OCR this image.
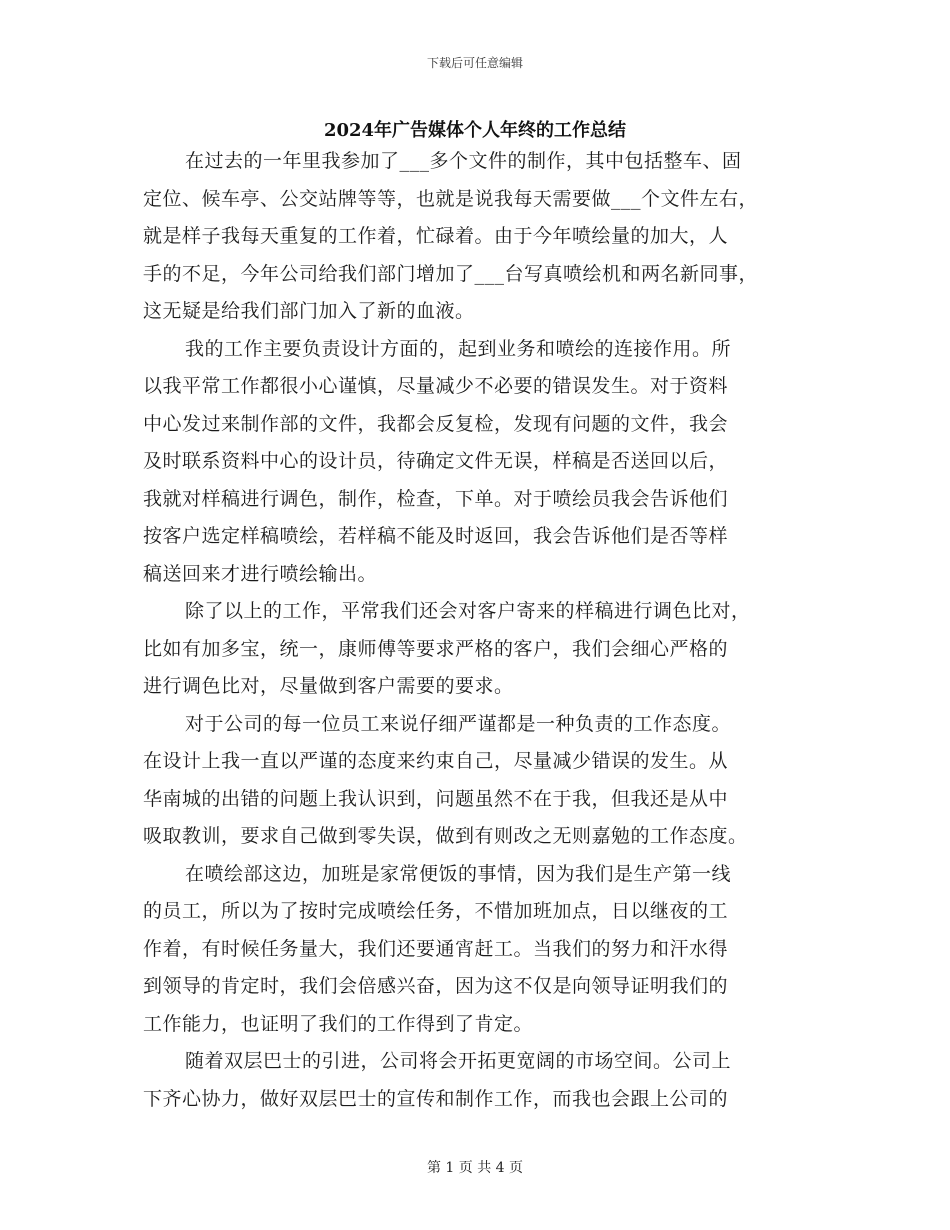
下载后可任意编辑
2024年广告媒体个人年终的工作总结
在过去的一年里我参加了___多个文件的制作，其中包括整车、固
定位、候车亭、公交站牌等等，也就是说我每天需要做___个文件左右，
就是样子我每天重复的工作着，忙碌着。由于今年喷绘量的加大，人
手的不足，今年公司给我们部门增加了___台写真喷绘机和两名新同事，
这无疑是给我们部门加入了新的血液。
我的工作主要负责设计方面的，起到业务和喷绘的连接作用。所
以我平常工作都很小心谨慎，尽量减少不必要的错误发生。对于资料
中心发过来制作部的文件，我都会反复检，发现有问题的文件，我会
及时联系资料中心的设计员，待确定文件无误，样稿是否送回以后，
我就对样稿进行调色，制作，检查，下单。对于喷绘员我会告诉他们
按客户选定样稿喷绘，若样稿不能及时返回，我会告诉他们是否等样
稿送回来才进行喷绘输出。
除了以上的工作，平常我们还会对客户寄来的样稿进行调色比对，
比如有加多宝，统一，康师傅等要求严格的客户，我们会细心严格的
进行调色比对，尽量做到客户需要的要求。
对于公司的每一位员工来说仔细严谨都是一种负责的工作态度。
在设计上我一直以严谨的态度来约束自己，尽量减少错误的发生。从
华南城的出错的问题上我认识到，问题虽然不在于我，但我还是从中
吸取教训，要求自己做到零失误，做到有则改之无则嘉勉的工作态度。
在喷绘部这边，加班是家常便饭的事情，因为我们是生产第一线
的员工，所以为了按时完成喷绘任务，不惜加班加点，日以继夜的工
作着，有时候任务量大，我们还要通宵赶工。当我们的努力和汗水得
到领导的肯定时，我们会倍感兴奋，因为这不仅是向领导证明我们的
工作能力，也证明了我们的工作得到了肯定。
随着双层巴士的引进，公司将会开拓更宽阔的市场空间。公司上
下齐心协力，做好双层巴士的宣传和制作工作，而我也会跟上公司的
第 1 页 共 4 页
